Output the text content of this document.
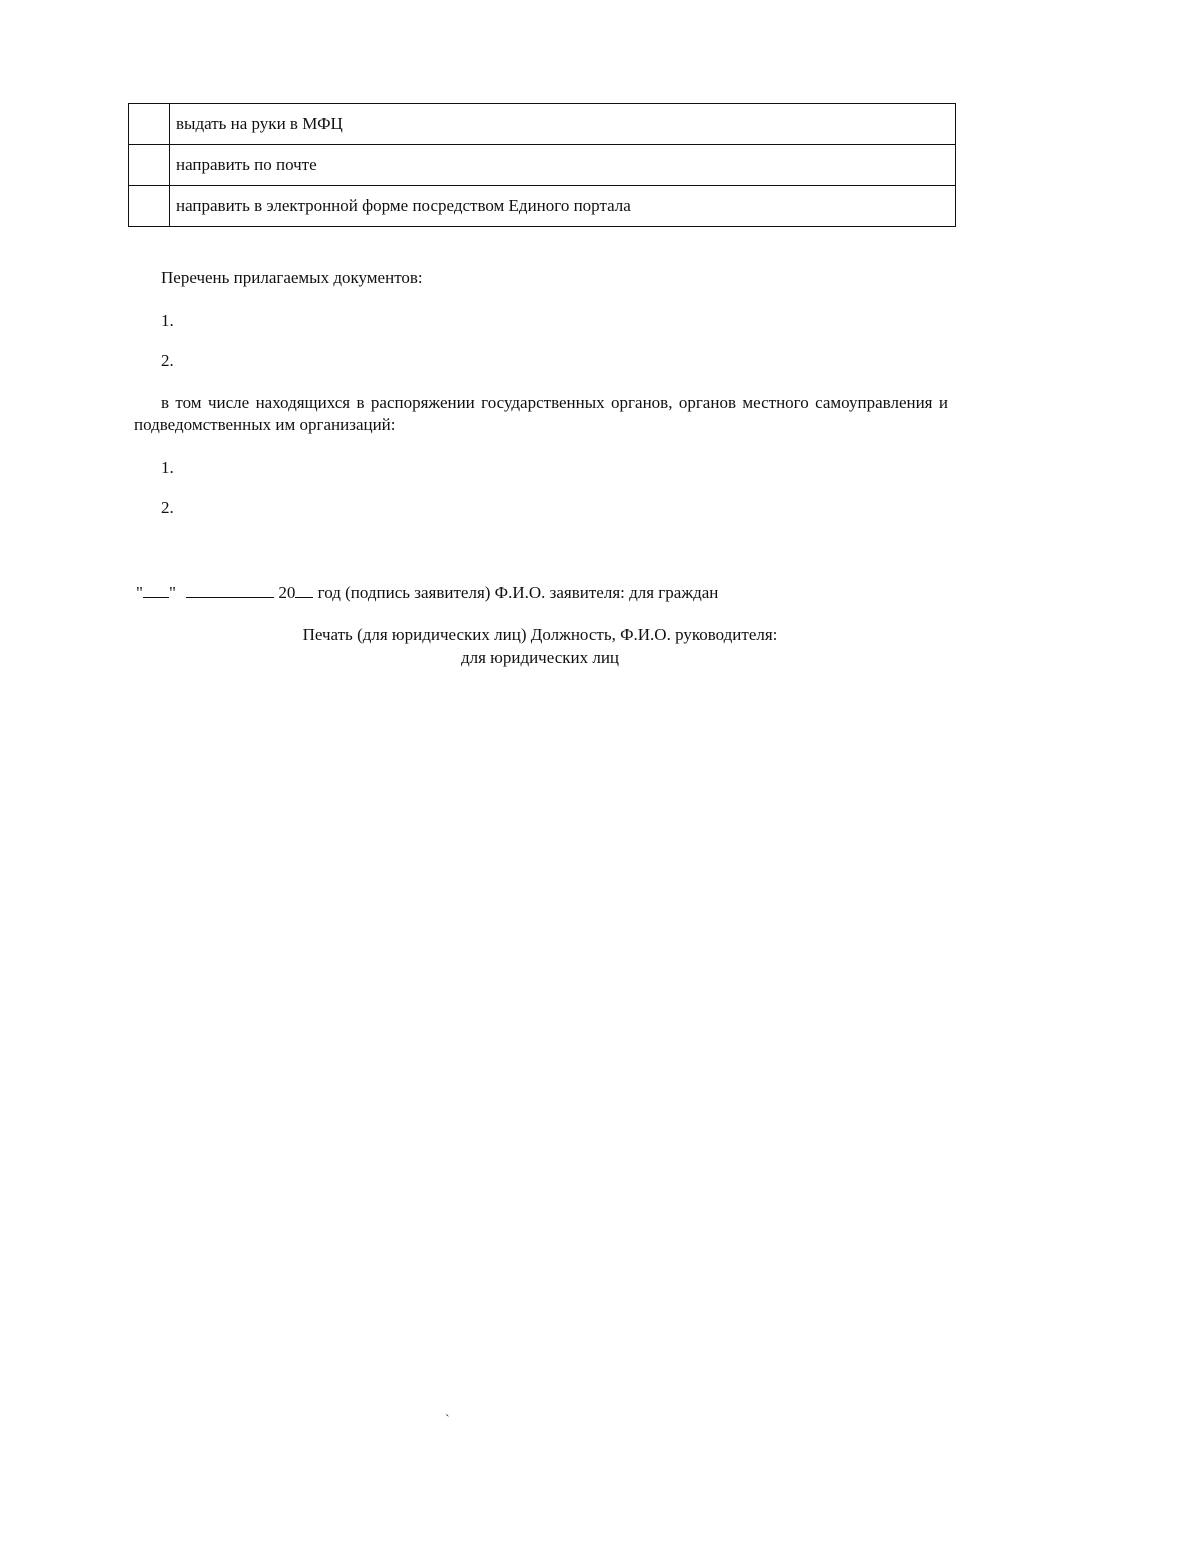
	выдать на руки в МФЦ
	направить по почте
	направить в электронной форме посредством Единого портала
Перечень прилагаемых документов:
1.
2.
в том числе находящихся в распоряжении государственных органов, органов местного самоуправления и подведомственных им организаций:
1.
2.
" "	20 год (подпись заявителя) Ф.И.О. заявителя: для граждан
Печать (для юридических лиц) Должность, Ф.И.О. руководителя:
для юридических лиц
`
